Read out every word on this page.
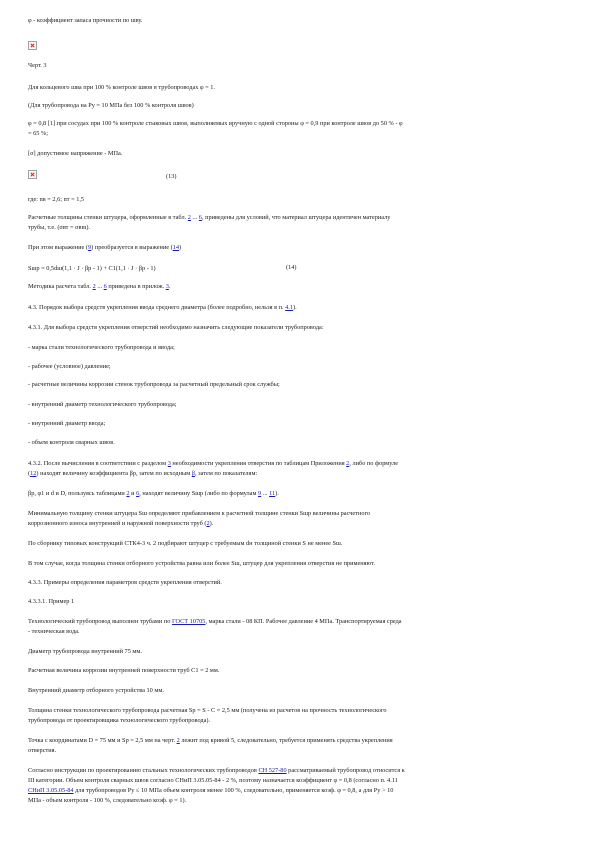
φ - коэффициент запаса прочности по шву.
Черт. 3
Для кольцевого шва при 100 % контроле швов в трубопроводах φ = 1.
(Для трубопровода на Ру = 10 МПа без 100 % контроля швов)
φ = 0,8 [1] при сосудах при 100 % контроле стыковых швов, выполняемых вручную с одной стороны φ = 0,9 при контроле швов до 50 % - φ
= 65 %;
[σ] допустимое напряжение - МПа.
(13)
где: nв = 2,6; nт = 1,5
Расчетные толщины стенки штуцера, оформленные в табл. 2 ... 6, приведены для условий, что материал штуцера идентичен материалу
трубы, т.е. (σвт = σвm).
При этом выражение (9) преобразуется в выражение (14)
Sшр = 0,5dш(1,1 · J · βр - 1) + C1(1,1 · J · βр - 1)	(14)
Методика расчета табл. 2 ... 6 приведена в прилож. 3.
4.3. Порядок выбора средств укрепления ввода среднего диаметра (более подробно, нельзя в п. 4.1).
4.3.1. Для выбора средств укрепления отверстий необходимо назначить следующие показатели трубопровода:
- марка стали технологического трубопровода и ввода;
- рабочее (условное) давление;
- расчетные величины коррозии стенок трубопровода за расчетный предельный срок службы;
- внутренний диаметр технологического трубопровода;
- внутренний диаметр ввода;
- объем контроля сварных швов.
4.3.2. После вычисления в соответствии с разделом 3 необходимости укрепления отверстия по таблицам Приложения 2, либо по формуле
(12) находят величину коэффициента βр, затем по исходным β, затем по показателям:
βр, φ1 и d и D, пользуясь таблицами 2 и 6, находят величину Sшр (либо по формулам 9 ... 11).
Минимальную толщину стенки штуцера Sш определяют прибавлением к расчетной толщине стенки Sшр величины расчетного
коррозионного износа внутренней и наружной поверхности труб (2).
По сборнику типовых конструкций СТК4-3 ч. 2 подбирают штуцер с требуемым dн толщиной стенки S не менее Sш.
В том случае, когда толщина стенки отборного устройства равна или более Sш, штуцер для укрепления отверстия не применяют.
4.3.3. Примеры определения параметров средств укрепления отверстий.
4.3.3.1. Пример 1
Технологический трубопровод выполнен трубами по ГОСТ 10705, марка стали - 08 КП. Рабочее давление 4 МПа. Транспортируемая среда
- техническая вода.
Диаметр трубопровода внутренний 75 мм.
Расчетная величина коррозии внутренней поверхности труб С1 = 2 мм.
Внутренний диаметр отборного устройства 10 мм.
Толщина стенки технологического трубопровода расчетная Sр = S - C = 2,5 мм (получена из расчетов на прочность технологического
трубопровода от проектировщика технологического трубопровода).
Точка с координатами D = 75 мм и Sр = 2,5 мм на черт. 2 лежит под кривой 5, следовательно, требуется применять средства укрепления
отверстия.
Согласно инструкции по проектированию стальных технологических трубопроводов СН 527-80 рассматриваемый трубопровод относится к
III категории. Объем контроля сварных швов согласно СНиП 3.05.05-84 - 2 %, поэтому назначается коэффициент φ = 0,8 (согласно п. 4.11
СНиП 3.05.05-84 для трубопроводов Ру ≤ 10 МПа объем контроля менее 100 %, следовательно, применяется коэф. φ = 0,8, а для Ру > 10
МПа - объем контроля - 100 %, следовательно коэф. φ = 1).
